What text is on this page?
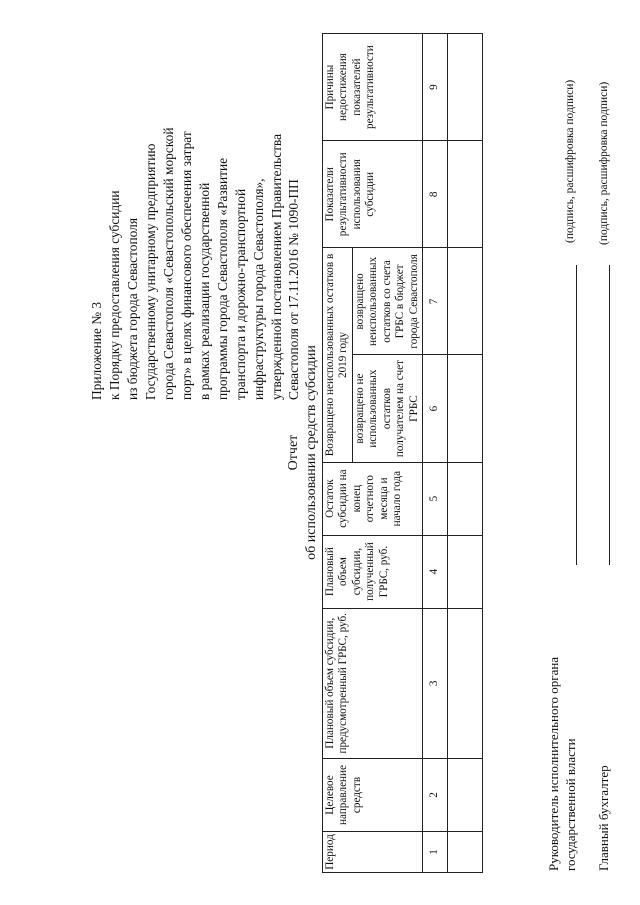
Приложение № 3 к Порядку предоставления субсидии из бюджета города Севастополя Государственному унитарному предприятию города Севастополя «Севастопольский морской порт» в целях финансового обеспечения затрат в рамках реализации государственной программы города Севастополя «Развитие транспорта и дорожно-транспортной инфраструктуры города Севастополя», утвержденной постановлением Правительства Севастополя от 17.11.2016 № 1090-ПП
Отчет об использовании средств субсидии
Период	Целевое направление средств	Плановый объем субсидии, предусмотренный ГРБС, руб.	Плановый объем субсидии, полученный ГРБС, руб.	Остаток субсидии на конец отчетного месяца и начало года	Возвращено неиспользованных остатков в 2019 году		Показатели результативности использования субсидии	Причины недостижения показателей результативности
					возвращено не использованных остатков получателем на счет ГРБС	возвращено неиспользованных остатков со счета ГРБС в бюджет города Севастополя		
1	2	3	4	5	6	7	8	9

Руководитель исполнительного органа государственной власти
(подпись, расшифровка подписи)
Главный бухгалтер
(подпись, расшифровка подписи)
